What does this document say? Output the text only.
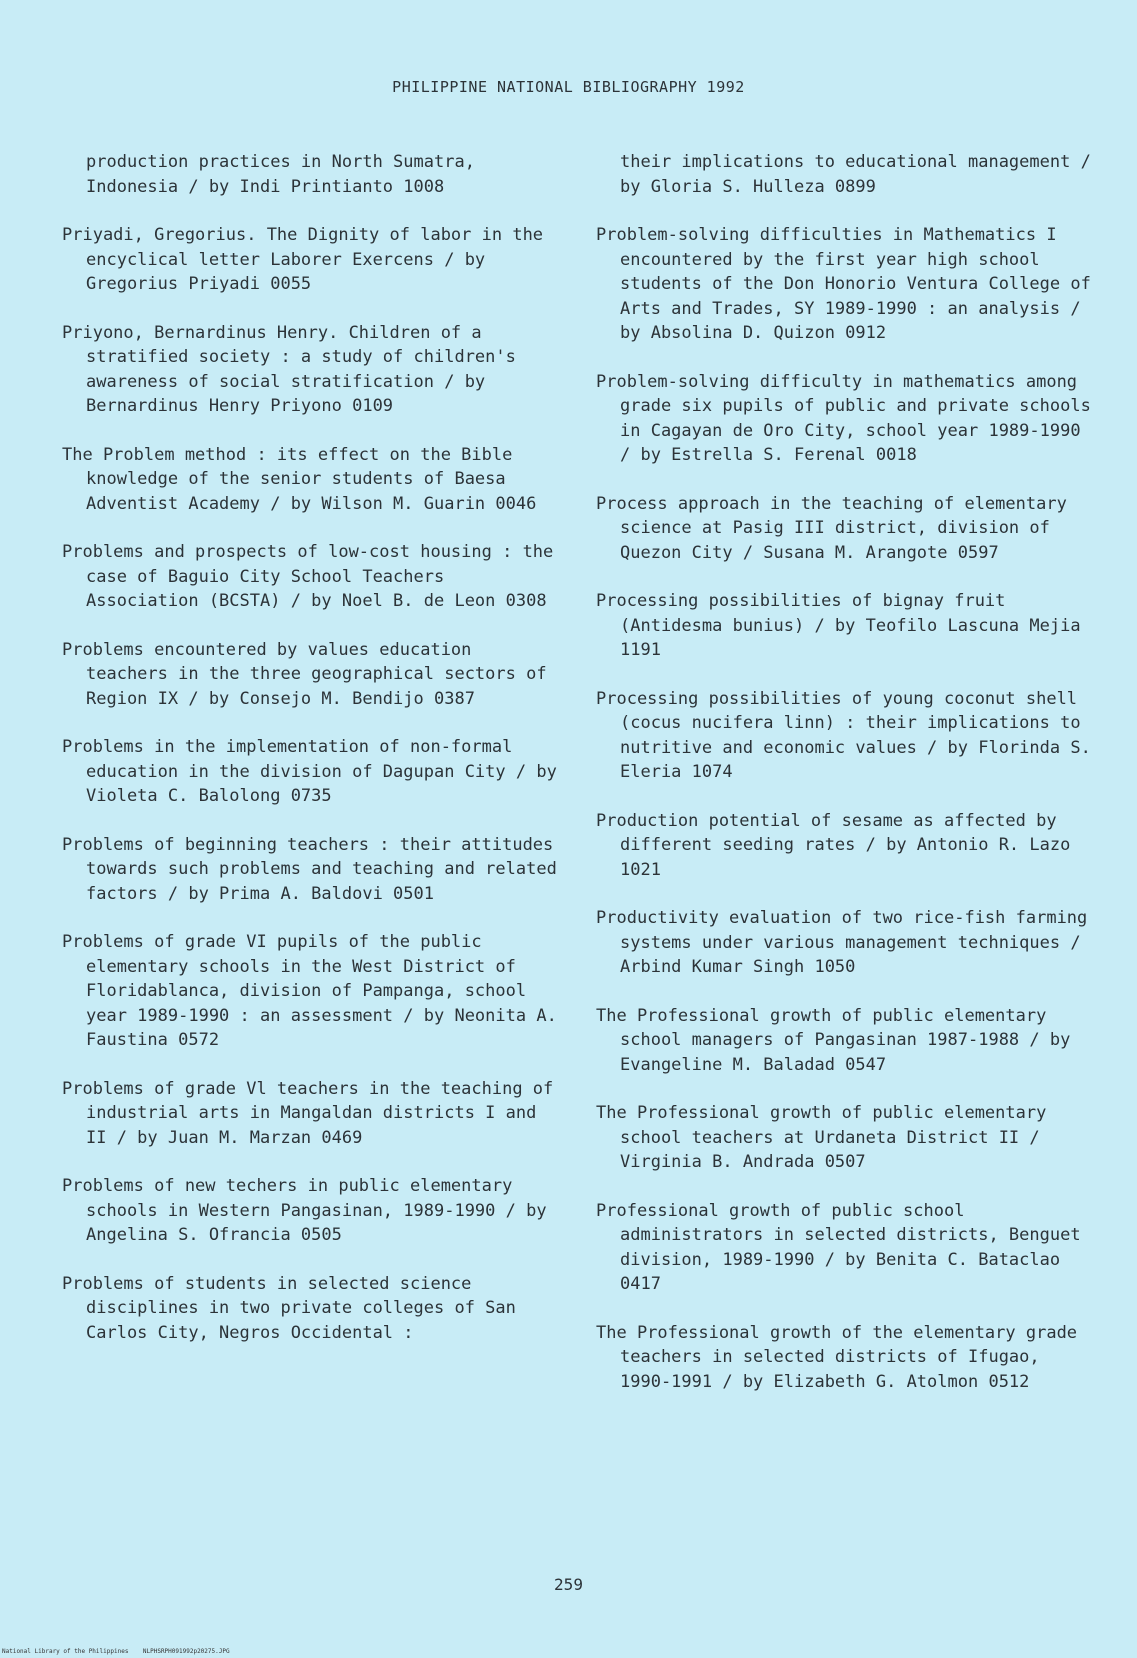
PHILIPPINE NATIONAL BIBLIOGRAPHY 1992

production practices in North Sumatra, Indonesia / by Indi Printianto 1008

Priyadi, Gregorius. The Dignity of labor in the encyclical letter Laborer Exercens / by Gregorius Priyadi 0055

Priyono, Bernardinus Henry. Children of a stratified society : a study of children's awareness of social stratification / by Bernardinus Henry Priyono 0109

The Problem method : its effect on the Bible knowledge of the senior students of Baesa Adventist Academy / by Wilson M. Guarin 0046

Problems and prospects of low-cost housing : the case of Baguio City School Teachers Association (BCSTA) / by Noel B. de Leon 0308

Problems encountered by values education teachers in the three geographical sectors of Region IX / by Consejo M. Bendijo 0387

Problems in the implementation of non-formal education in the division of Dagupan City / by Violeta C. Balolong 0735

Problems of beginning teachers : their attitudes towards such problems and teaching and related factors / by Prima A. Baldovi 0501

Problems of grade VI pupils of the public elementary schools in the West District of Floridablanca, division of Pampanga, school year 1989-1990 : an assessment / by Neonita A. Faustina 0572

Problems of grade Vl teachers in the teaching of industrial arts in Mangaldan districts I and II / by Juan M. Marzan 0469

Problems of new techers in public elementary schools in Western Pangasinan, 1989-1990 / by Angelina S. Ofrancia 0505

Problems of students in selected science disciplines in two private colleges of San Carlos City, Negros Occidental :

their implications to educational management / by Gloria S. Hulleza 0899

Problem-solving difficulties in Mathematics I encountered by the first year high school students of the Don Honorio Ventura College of Arts and Trades, SY 1989-1990 : an analysis / by Absolina D. Quizon 0912

Problem-solving difficulty in mathematics among grade six pupils of public and private schools in Cagayan de Oro City, school year 1989-1990 / by Estrella S. Ferenal 0018

Process approach in the teaching of elementary science at Pasig III district, division of Quezon City / Susana M. Arangote 0597

Processing possibilities of bignay fruit (Antidesma bunius) / by Teofilo Lascuna Mejia 1191

Processing possibilities of young coconut shell (cocus nucifera linn) : their implications to nutritive and economic values / by Florinda S. Eleria 1074

Production potential of sesame as affected by different seeding rates / by Antonio R. Lazo 1021

Productivity evaluation of two rice-fish farming systems under various management techniques / Arbind Kumar Singh 1050

The Professional growth of public elementary school managers of Pangasinan 1987-1988 / by Evangeline M. Baladad 0547

The Professional growth of public elementary school teachers at Urdaneta District II / Virginia B. Andrada 0507

Professional growth of public school administrators in selected districts, Benguet division, 1989-1990 / by Benita C. Bataclao 0417

The Professional growth of the elementary grade teachers in selected districts of Ifugao, 1990-1991 / by Elizabeth G. Atolmon 0512

259
National Library of the Philippines    NLPHSRPH091992p20275.JPG
